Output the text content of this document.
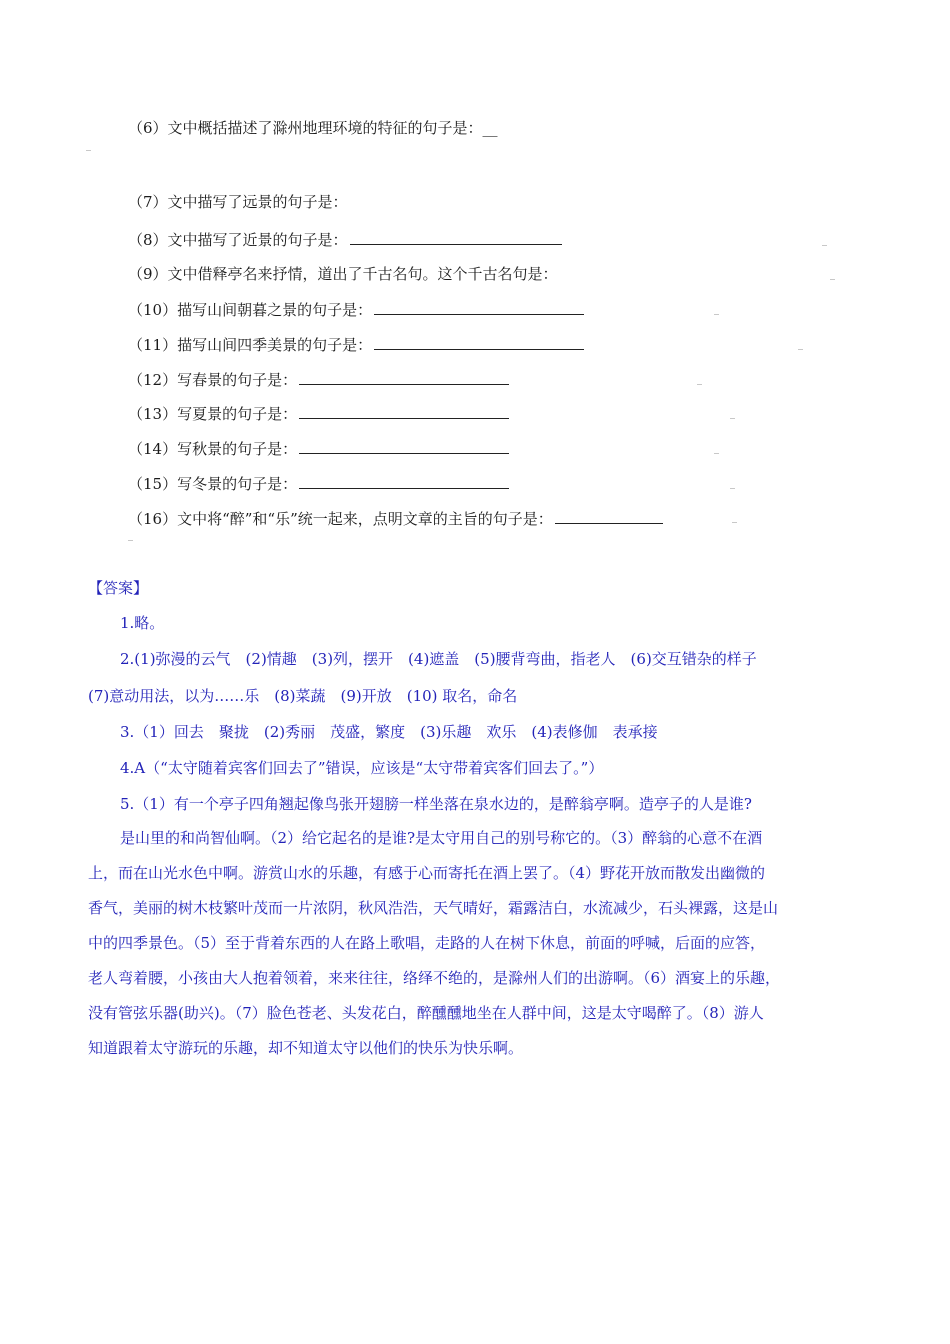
（6）文中概括描述了滁州地理环境的特征的句子是：__
（7）文中描写了远景的句子是：
（8）文中描写了近景的句子是：
（9）文中借释亭名来抒情，道出了千古名句。这个千古名句是：
（10）描写山间朝暮之景的句子是：
（11）描写山间四季美景的句子是：
（12）写春景的句子是：
（13）写夏景的句子是：
（14）写秋景的句子是：
（15）写冬景的句子是：
（16）文中将“醉”和“乐”统一起来，点明文章的主旨的句子是：
【答案】
1.略。
2.(1)弥漫的云气　(2)情趣　(3)列，摆开　(4)遮盖　(5)腰背弯曲，指老人　(6)交互错杂的样子
(7)意动用法，以为……乐　(8)菜蔬　(9)开放　(10) 取名，命名
3.（1）回去　聚拢　(2)秀丽　茂盛，繁度　(3)乐趣　欢乐　(4)表修伽　表承接
4.A（“太守随着宾客们回去了”错误，应该是“太守带着宾客们回去了。”）
5.（1）有一个亭子四角翘起像鸟张开翅膀一样坐落在泉水边的，是醉翁亭啊。造亭子的人是谁?
是山里的和尚智仙啊。（2）给它起名的是谁?是太守用自己的别号称它的。（3）醉翁的心意不在酒
上，而在山光水色中啊。游赏山水的乐趣，有感于心而寄托在酒上罢了。（4）野花开放而散发出幽微的
香气，美丽的树木枝繁叶茂而一片浓阴，秋风浩浩，天气晴好，霜露洁白，水流减少，石头裸露，这是山
中的四季景色。（5）至于背着东西的人在路上歌唱，走路的人在树下休息，前面的呼喊，后面的应答，
老人弯着腰，小孩由大人抱着领着，来来往往，络绎不绝的，是滁州人们的出游啊。（6）酒宴上的乐趣，
没有管弦乐器(助兴)。（7）脸色苍老、头发花白，醉醺醺地坐在人群中间，这是太守喝醉了。（8）游人
知道跟着太守游玩的乐趣，却不知道太守以他们的快乐为快乐啊。
